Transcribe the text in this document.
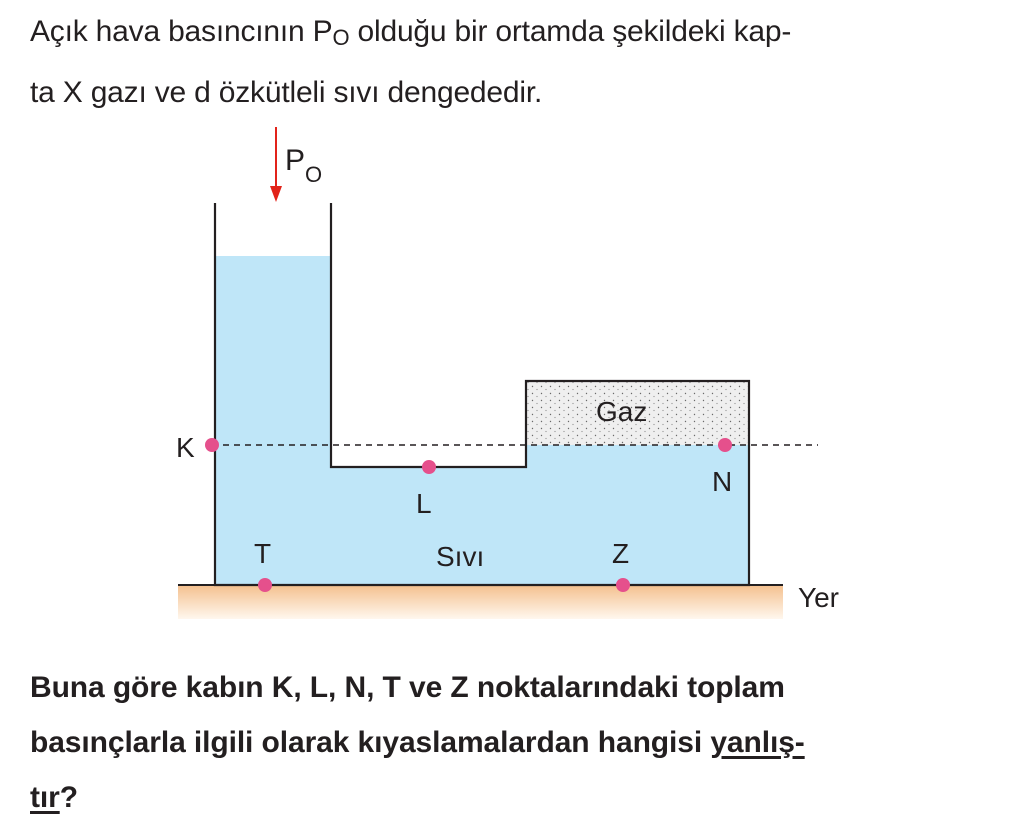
Açık hava basıncının $P_O$ olduğu bir ortamda şekildeki kap-
ta X gazı ve d özkütleli sıvı dengededir.
$P_O$
Gaz
Sıvı
Yer
K
L
N
T	Z
Buna göre kabın K, L, N, T ve Z noktalarındaki toplam
basınçlarla ilgili olarak kıyaslamalardan hangisi yanlış-
tır?
